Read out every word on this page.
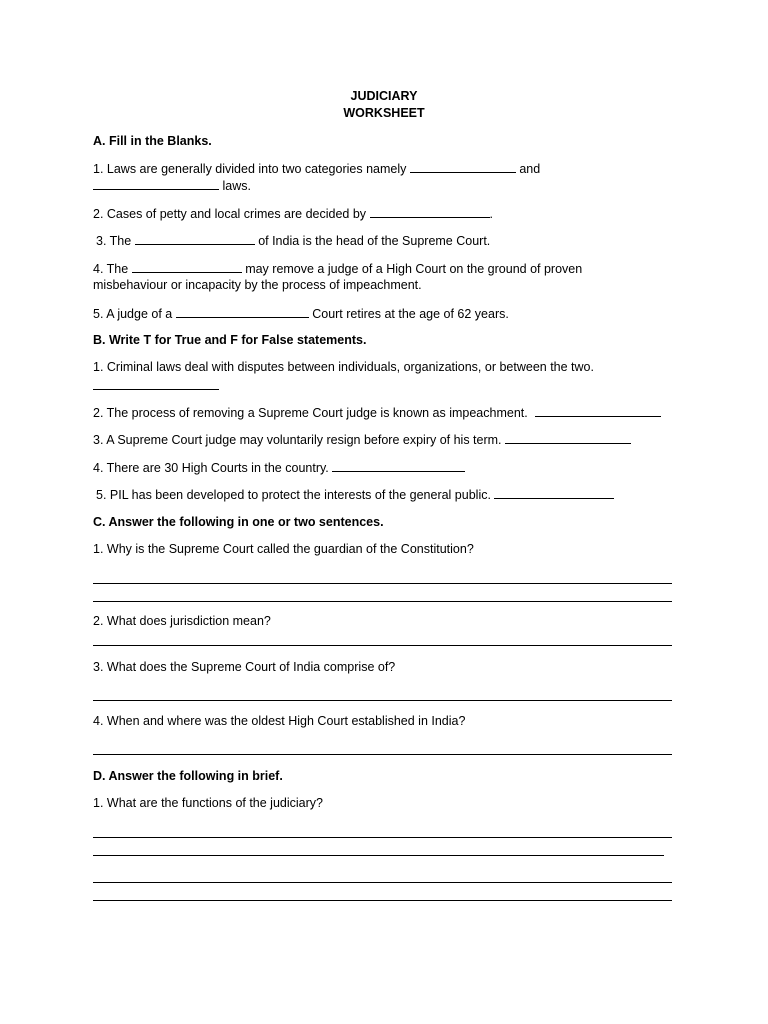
JUDICIARY
WORKSHEET
A. Fill in the Blanks.
1. Laws are generally divided into two categories namely	and
laws.
2. Cases of petty and local crimes are decided by	.
3. The	of India is the head of the Supreme Court.
4. The	may remove a judge of a High Court on the ground of proven
misbehaviour or incapacity by the process of impeachment.
5. A judge of a	Court retires at the age of 62 years.
B. Write T for True and F for False statements.
1. Criminal laws deal with disputes between individuals, organizations, or between the two.
2. The process of removing a Supreme Court judge is known as impeachment.
3. A Supreme Court judge may voluntarily resign before expiry of his term.
4. There are 30 High Courts in the country.
5. PIL has been developed to protect the interests of the general public.
C. Answer the following in one or two sentences.
1. Why is the Supreme Court called the guardian of the Constitution?
2. What does jurisdiction mean?
3. What does the Supreme Court of India comprise of?
4. When and where was the oldest High Court established in India?
D. Answer the following in brief.
1. What are the functions of the judiciary?
